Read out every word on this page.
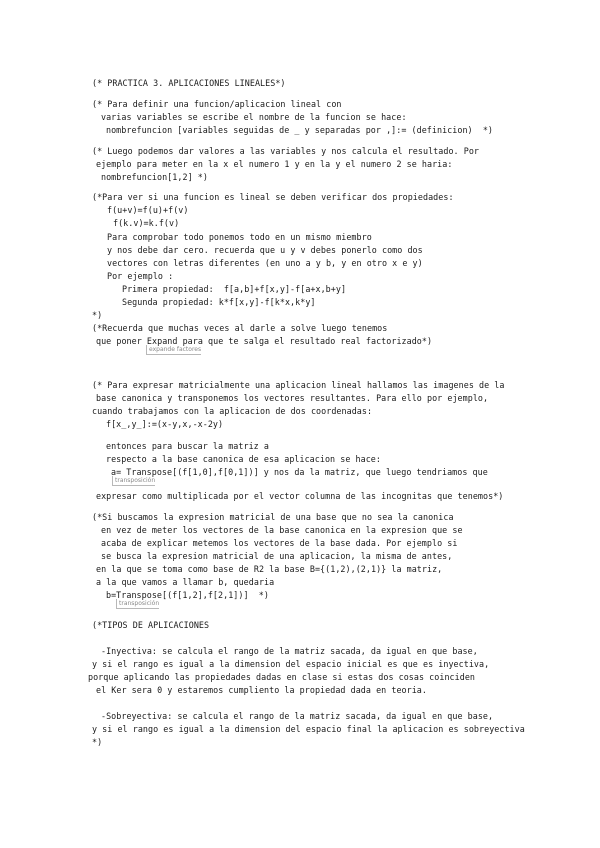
(* PRACTICA 3. APLICACIONES LINEALES*)
(* Para definir una funcion/aplicacion lineal con
varias variables se escribe el nombre de la funcion se hace:
nombrefuncion [variables seguidas de _ y separadas por ,]:= (definicion)  *)
(* Luego podemos dar valores a las variables y nos calcula el resultado. Por
ejemplo para meter en la x el numero 1 y en la y el numero 2 se haria:
nombrefuncion[1,2] *)
(*Para ver si una funcion es lineal se deben verificar dos propiedades:
f(u+v)=f(u)+f(v)
f(k.v)=k.f(v)
Para comprobar todo ponemos todo en un mismo miembro
y nos debe dar cero. recuerda que u y v debes ponerlo como dos
vectores con letras diferentes (en uno a y b, y en otro x e y)
Por ejemplo :
Primera propiedad:  f[a,b]+f[x,y]-f[a+x,b+y]
Segunda propiedad: k*f[x,y]-f[k*x,k*y]
*)
(*Recuerda que muchas veces al darle a solve luego tenemos
que poner Expand para que te salga el resultado real factorizado*)
expande factores
(* Para expresar matricialmente una aplicacion lineal hallamos las imagenes de la
base canonica y transponemos los vectores resultantes. Para ello por ejemplo,
cuando trabajamos con la aplicacion de dos coordenadas:
f[x_,y_]:=(x-y,x,-x-2y)
entonces para buscar la matriz a
respecto a la base canonica de esa aplicacion se hace:
a= Transpose[(f[1,0],f[0,1])] y nos da la matriz, que luego tendriamos que
transposición
expresar como multiplicada por el vector columna de las incognitas que tenemos*)
(*Si buscamos la expresion matricial de una base que no sea la canonica
en vez de meter los vectores de la base canonica en la expresion que se
acaba de explicar metemos los vectores de la base dada. Por ejemplo si
se busca la expresion matricial de una aplicacion, la misma de antes,
en la que se toma como base de R2 la base B={(1,2),(2,1)} la matriz,
a la que vamos a llamar b, quedaria
b=Transpose[(f[1,2],f[2,1])]  *)
transposición
(*TIPOS DE APLICACIONES
-Inyectiva: se calcula el rango de la matriz sacada, da igual en que base,
y si el rango es igual a la dimension del espacio inicial es que es inyectiva,
porque aplicando las propiedades dadas en clase si estas dos cosas coinciden
el Ker sera 0 y estaremos cumpliento la propiedad dada en teoria.
-Sobreyectiva: se calcula el rango de la matriz sacada, da igual en que base,
y si el rango es igual a la dimension del espacio final la aplicacion es sobreyectiva
*)
